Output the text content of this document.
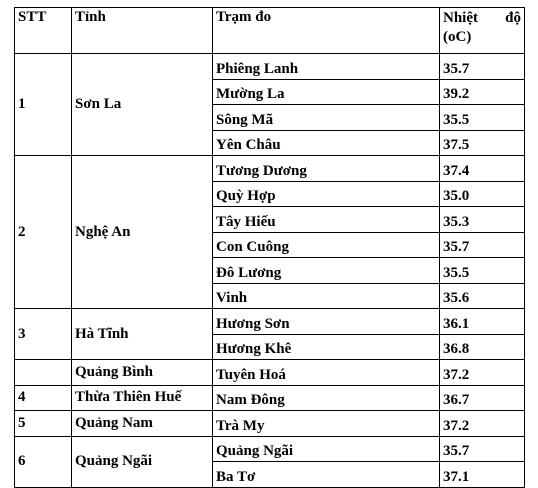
STT	Tỉnh	Trạm đo	Nhiệt độ
(oC)

1	Sơn La	Phiêng Lanh	35.7
		Mường La	39.2
		Sông Mã	35.5
		Yên Châu	37.5
2	Nghệ An	Tương Dương	37.4
		Quỳ Hợp	35.0
		Tây Hiếu	35.3
		Con Cuông	35.7
		Đô Lương	35.5
		Vinh	35.6
3	Hà Tĩnh	Hương Sơn	36.1
		Hương Khê	36.8
	Quảng Bình	Tuyên Hoá	37.2
4	Thừa Thiên Huế	Nam Đông	36.7
5	Quảng Nam	Trà My	37.2
6	Quảng Ngãi	Quảng Ngãi	35.7
		Ba Tơ	37.1
